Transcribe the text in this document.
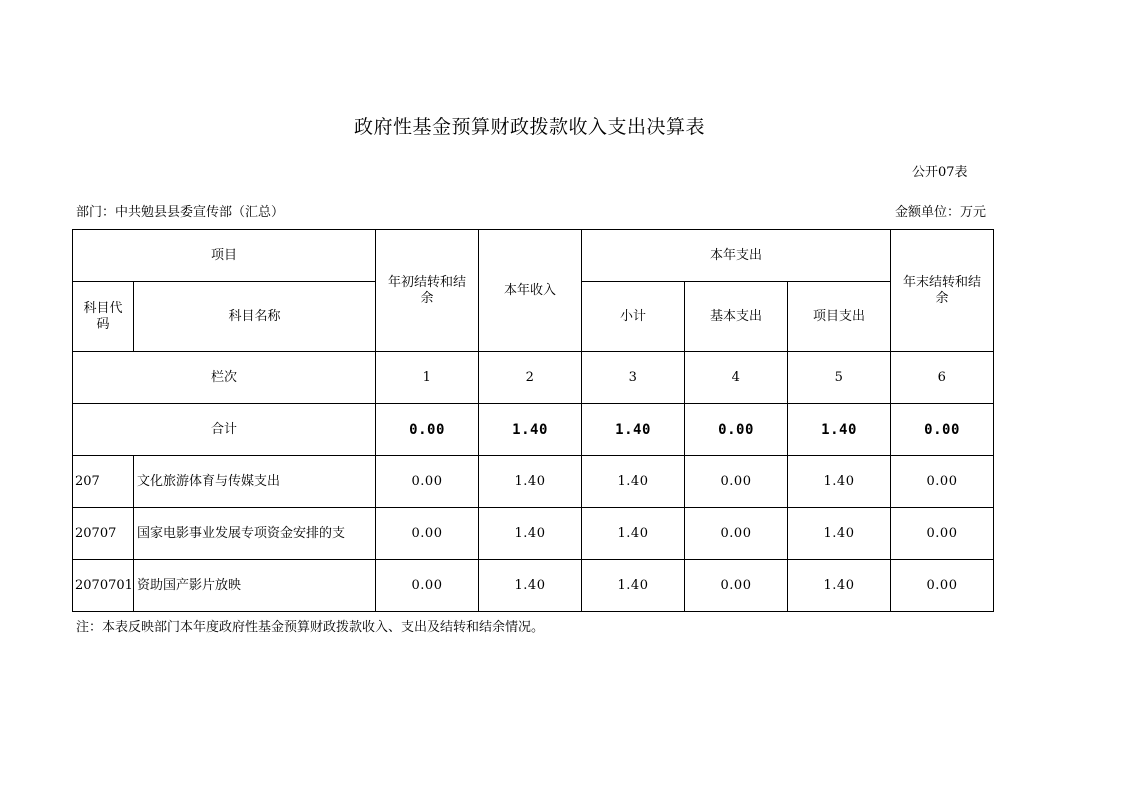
政府性基金预算财政拨款收入支出决算表
公开07表
部门：中共勉县县委宣传部（汇总）	金额单位：万元
项目		年初结转和结余	本年收入	本年支出			年末结转和结余
科目代码	科目名称			小计	基本支出	项目支出	
栏次		1	2	3	4	5	6
合计		0.00	1.40	1.40	0.00	1.40	0.00
207	文化旅游体育与传媒支出	0.00	1.40	1.40	0.00	1.40	0.00
20707	国家电影事业发展专项资金安排的支	0.00	1.40	1.40	0.00	1.40	0.00
2070701	资助国产影片放映	0.00	1.40	1.40	0.00	1.40	0.00
注：本表反映部门本年度政府性基金预算财政拨款收入、支出及结转和结余情况。
